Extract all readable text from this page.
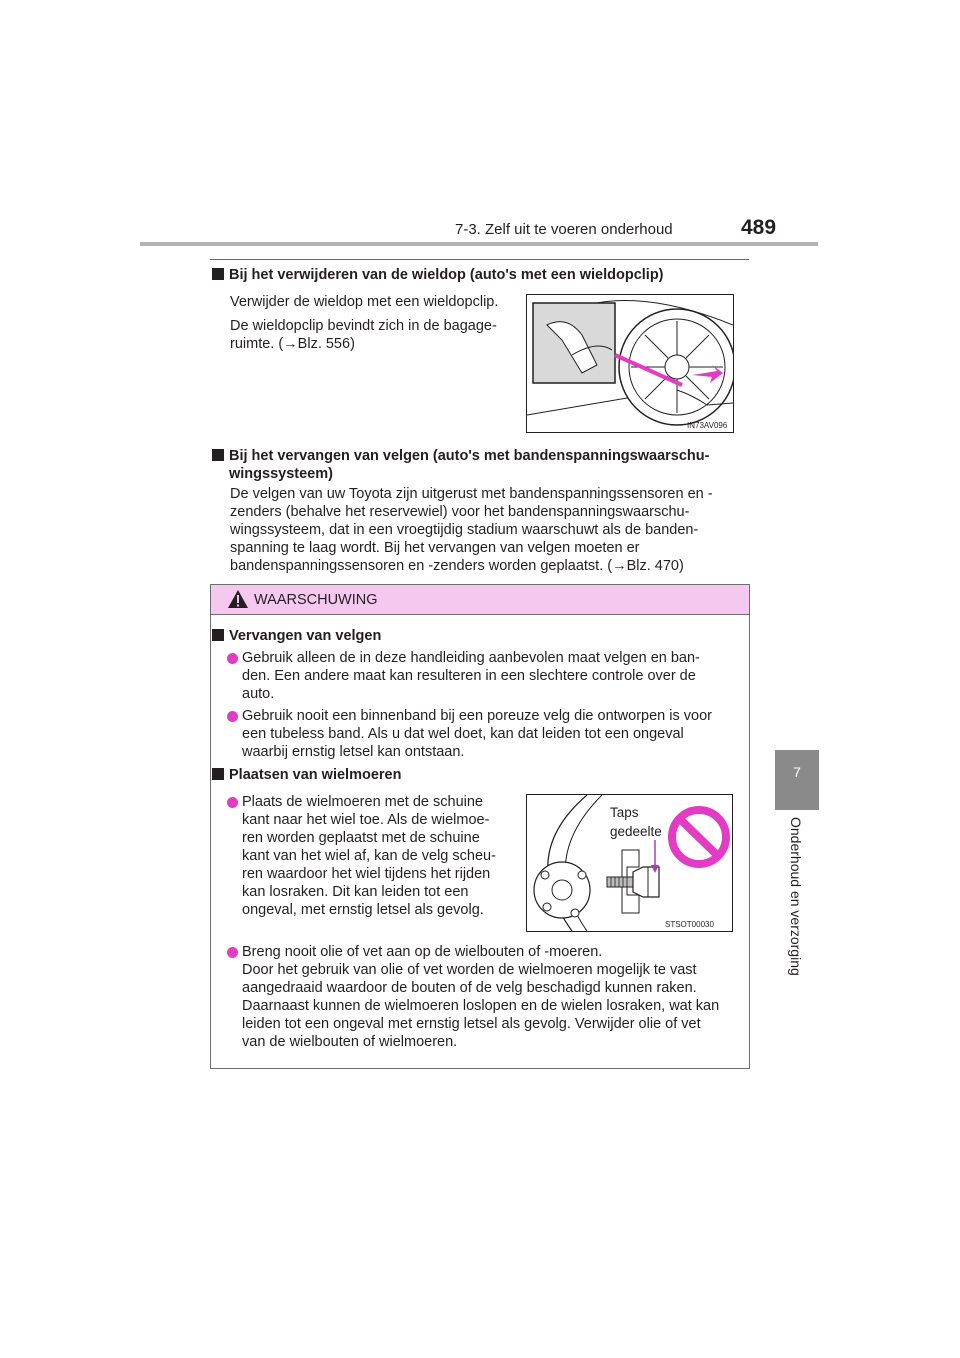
7-3. Zelf uit te voeren onderhoud	489
7
Onderhoud en verzorging
Bij het verwijderen van de wieldop (auto's met een wieldopclip)
Verwijder de wieldop met een wieldopclip.
De wieldopclip bevindt zich in de bagage-
ruimte. (→Blz. 556)
IN73AV096
Bij het vervangen van velgen (auto's met bandenspanningswaarschu-
wingssysteem)
De velgen van uw Toyota zijn uitgerust met bandenspanningssensoren en -
zenders (behalve het reservewiel) voor het bandenspanningswaarschu-
wingssysteem, dat in een vroegtijdig stadium waarschuwt als de banden-
spanning te laag wordt. Bij het vervangen van velgen moeten er
bandenspanningssensoren en -zenders worden geplaatst. (→Blz. 470)
WAARSCHUWING
Vervangen van velgen
Gebruik alleen de in deze handleiding aanbevolen maat velgen en ban-
den. Een andere maat kan resulteren in een slechtere controle over de
auto.
Gebruik nooit een binnenband bij een poreuze velg die ontworpen is voor
een tubeless band. Als u dat wel doet, kan dat leiden tot een ongeval
waarbij ernstig letsel kan ontstaan.
Plaatsen van wielmoeren
Plaats de wielmoeren met de schuine
kant naar het wiel toe. Als de wielmoe-
ren worden geplaatst met de schuine
kant van het wiel af, kan de velg scheu-
ren waardoor het wiel tijdens het rijden
kan losraken. Dit kan leiden tot een
ongeval, met ernstig letsel als gevolg.
Taps
gedeelte
STSOT00030
Breng nooit olie of vet aan op de wielbouten of -moeren.
Door het gebruik van olie of vet worden de wielmoeren mogelijk te vast
aangedraaid waardoor de bouten of de velg beschadigd kunnen raken.
Daarnaast kunnen de wielmoeren loslopen en de wielen losraken, wat kan
leiden tot een ongeval met ernstig letsel als gevolg. Verwijder olie of vet
van de wielbouten of wielmoeren.
